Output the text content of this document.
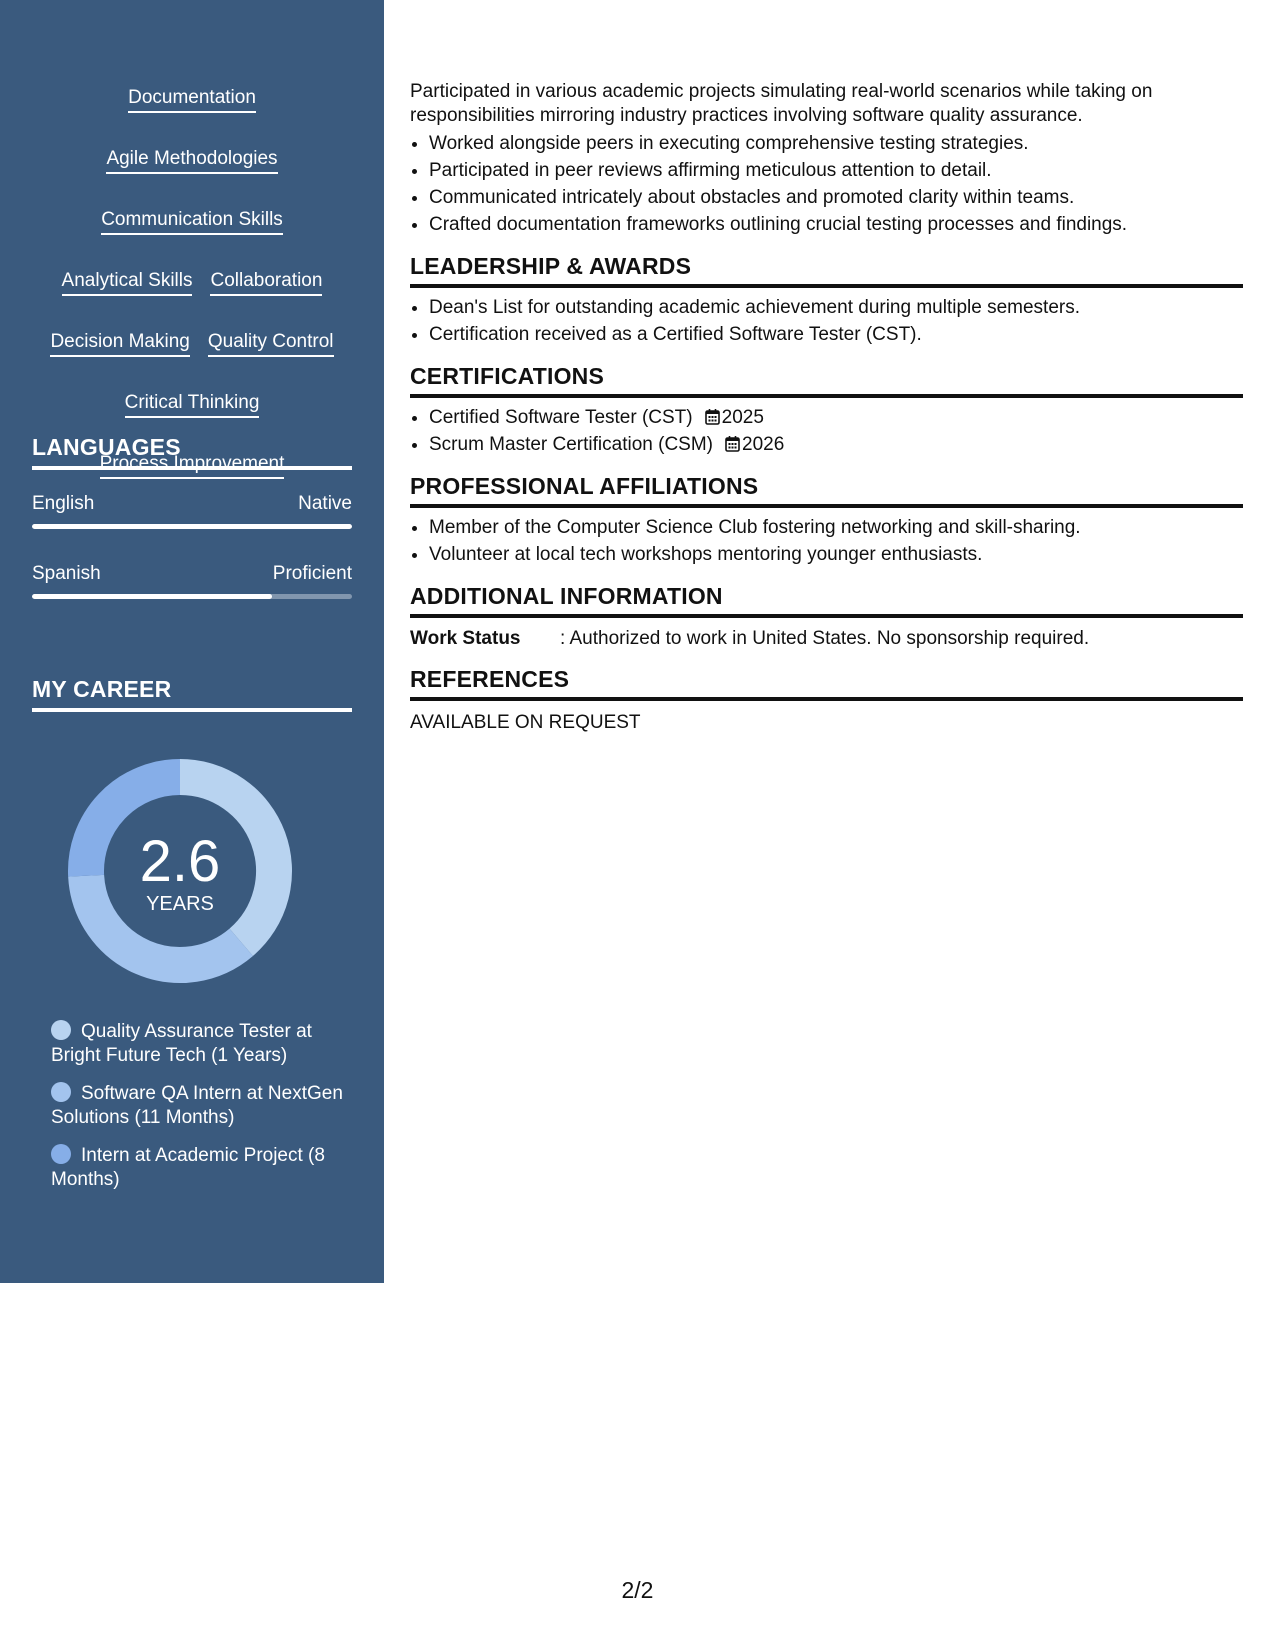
Documentation
Agile Methodologies
Communication Skills
Analytical Skills Collaboration
Decision Making Quality Control
Critical Thinking
Process Improvement
LANGUAGES
English	Native
Spanish	Proficient
MY CAREER
2.6
YEARS
Quality Assurance Tester at Bright Future Tech (1 Years)
Software QA Intern at NextGen Solutions (11 Months)
Intern at Academic Project (8 Months)

Participated in various academic projects simulating real-world scenarios while taking on responsibilities mirroring industry practices involving software quality assurance.

• Worked alongside peers in executing comprehensive testing strategies.
• Participated in peer reviews affirming meticulous attention to detail.
• Communicated intricately about obstacles and promoted clarity within teams.
• Crafted documentation frameworks outlining crucial testing processes and findings.
LEADERSHIP & AWARDS
• Dean's List for outstanding academic achievement during multiple semesters.
• Certification received as a Certified Software Tester (CST).
CERTIFICATIONS
• Certified Software Tester (CST) 2025
• Scrum Master Certification (CSM) 2026
PROFESSIONAL AFFILIATIONS
• Member of the Computer Science Club fostering networking and skill-sharing.
• Volunteer at local tech workshops mentoring younger enthusiasts.
ADDITIONAL INFORMATION
Work Status	: Authorized to work in United States. No sponsorship required.
REFERENCES
AVAILABLE ON REQUEST
2/2
